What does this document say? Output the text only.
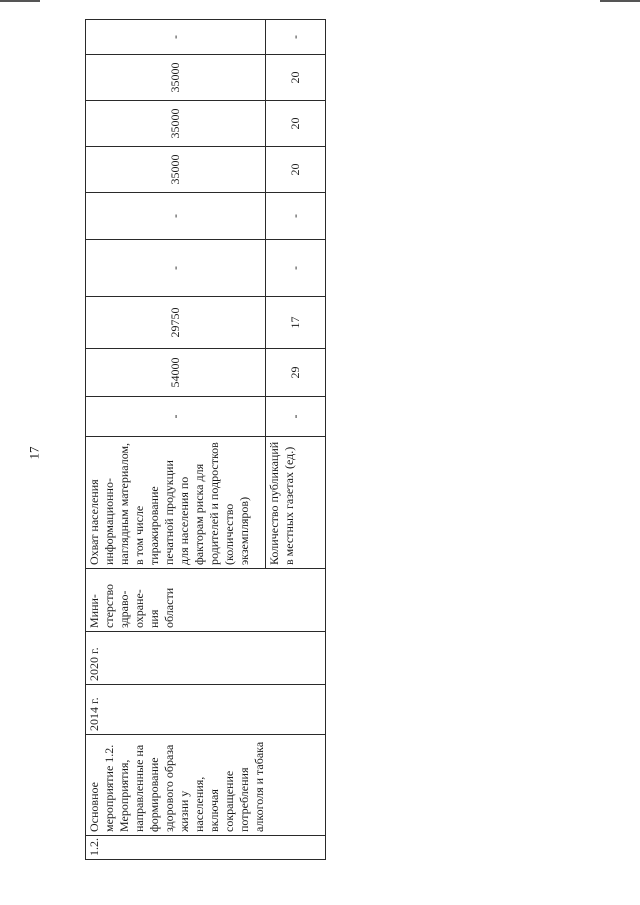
17
1.2.	Основное мероприятие 1.2. Мероприятия, направленные на формирование здорового образа жизни у населения, включая сокращение потребления алкоголя и табака	2014 г.	2020 г.	Мини-стерство здраво-охране-ния области	Охват населения информационно-наглядным материалом, в том числе тиражирование печатной продукции для населения по факторам риска для родителей и подростков (количество экземпляров)	-	54000	29750	-	-	35000	35000	35000	-
					Количество публикаций в местных газетах (ед.)	-	29	17	-	-	20	20	20	-
